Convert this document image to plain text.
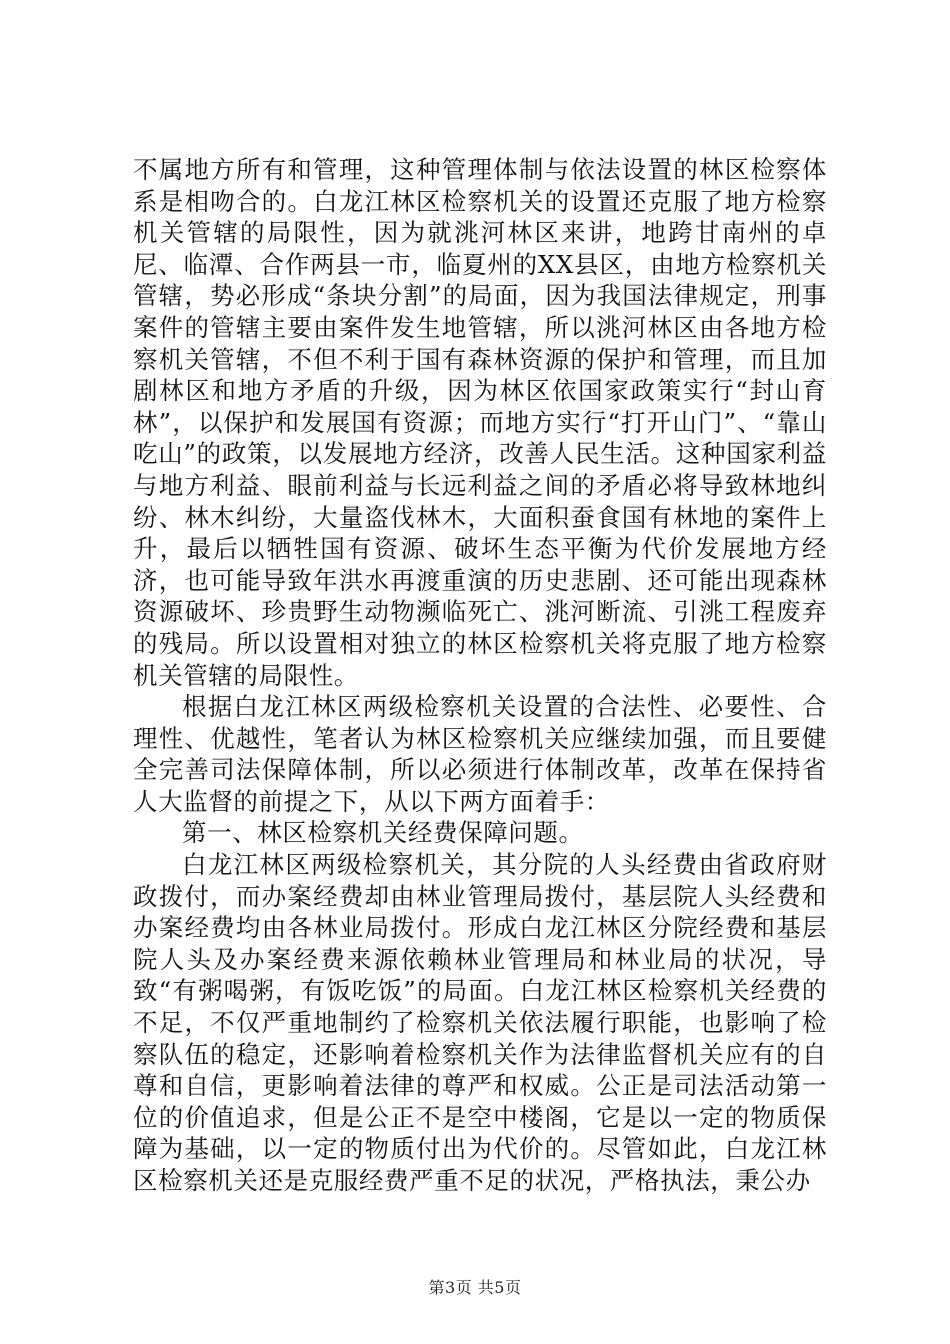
不属地方所有和管理，这种管理体制与依法设置的林区检察体系是相吻合的。白龙江林区检察机关的设置还克服了地方检察机关管辖的局限性，因为就洮河林区来讲，地跨甘南州的卓尼、临潭、合作两县一市，临夏州的XX县区，由地方检察机关管辖，势必形成“条块分割”的局面，因为我国法律规定，刑事案件的管辖主要由案件发生地管辖，所以洮河林区由各地方检察机关管辖，不但不利于国有森林资源的保护和管理，而且加剧林区和地方矛盾的升级，因为林区依国家政策实行“封山育林”，以保护和发展国有资源；而地方实行“打开山门”、“靠山吃山”的政策，以发展地方经济，改善人民生活。这种国家利益与地方利益、眼前利益与长远利益之间的矛盾必将导致林地纠纷、林木纠纷，大量盗伐林木，大面积蚕食国有林地的案件上升，最后以牺牲国有资源、破坏生态平衡为代价发展地方经济，也可能导致年洪水再渡重演的历史悲剧、还可能出现森林资源破坏、珍贵野生动物濒临死亡、洮河断流、引洮工程废弃的残局。所以设置相对独立的林区检察机关将克服了地方检察机关管辖的局限性。

根据白龙江林区两级检察机关设置的合法性、必要性、合理性、优越性，笔者认为林区检察机关应继续加强，而且要健全完善司法保障体制，所以必须进行体制改革，改革在保持省人大监督的前提之下，从以下两方面着手：

第一、林区检察机关经费保障问题。

白龙江林区两级检察机关，其分院的人头经费由省政府财政拨付，而办案经费却由林业管理局拨付，基层院人头经费和办案经费均由各林业局拨付。形成白龙江林区分院经费和基层院人头及办案经费来源依赖林业管理局和林业局的状况，导致“有粥喝粥，有饭吃饭”的局面。白龙江林区检察机关经费的不足，不仅严重地制约了检察机关依法履行职能，也影响了检察队伍的稳定，还影响着检察机关作为法律监督机关应有的自尊和自信，更影响着法律的尊严和权威。公正是司法活动第一位的价值追求，但是公正不是空中楼阁，它是以一定的物质保障为基础，以一定的物质付出为代价的。尽管如此，白龙江林区检察机关还是克服经费严重不足的状况，严格执法，秉公办

第3页 共5页
